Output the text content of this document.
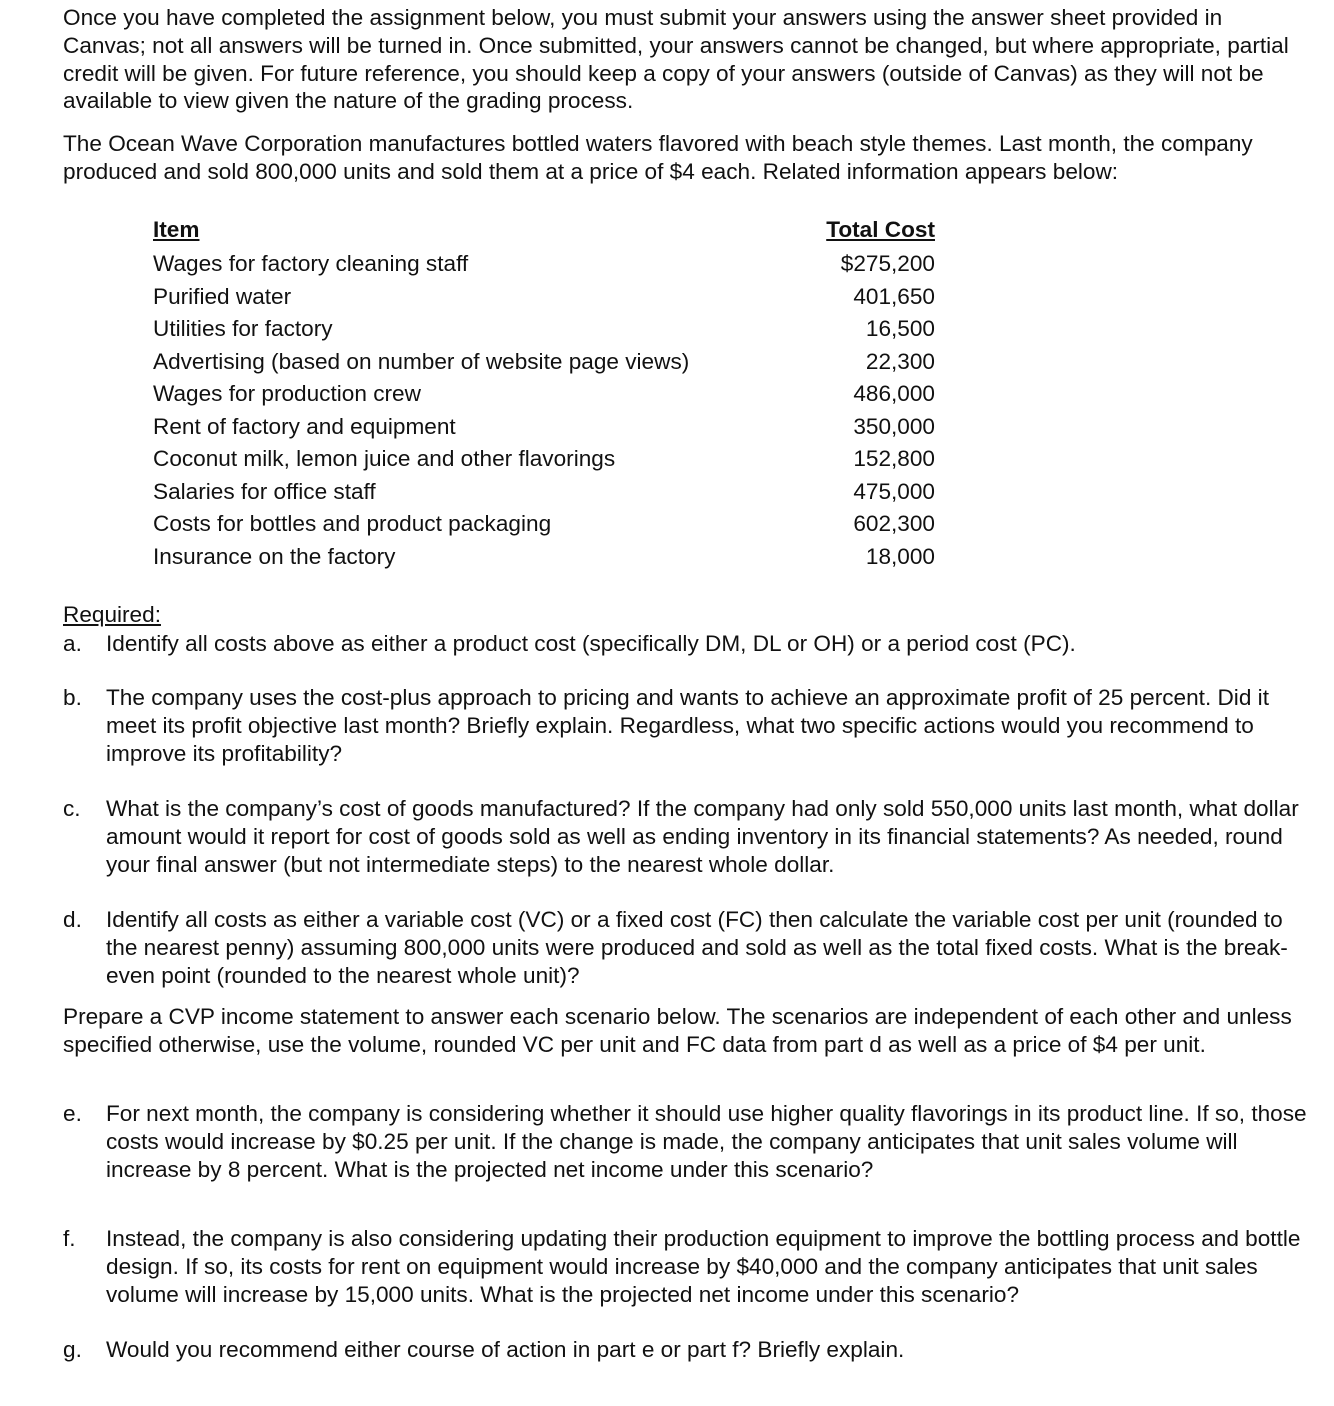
Once you have completed the assignment below, you must submit your answers using the answer sheet provided in Canvas; not all answers will be turned in. Once submitted, your answers cannot be changed, but where appropriate, partial credit will be given. For future reference, you should keep a copy of your answers (outside of Canvas) as they will not be available to view given the nature of the grading process.

The Ocean Wave Corporation manufactures bottled waters flavored with beach style themes. Last month, the company produced and sold 800,000 units and sold them at a price of $4 each. Related information appears below:

Item	Total Cost
Wages for factory cleaning staff	$275,200
Purified water	401,650
Utilities for factory	16,500
Advertising (based on number of website page views)	22,300
Wages for production crew	486,000
Rent of factory and equipment	350,000
Coconut milk, lemon juice and other flavorings	152,800
Salaries for office staff	475,000
Costs for bottles and product packaging	602,300
Insurance on the factory	18,000

Required:

a.	Identify all costs above as either a product cost (specifically DM, DL or OH) or a period cost (PC).
b.	The company uses the cost-plus approach to pricing and wants to achieve an approximate profit of 25 percent. Did it meet its profit objective last month? Briefly explain. Regardless, what two specific actions would you recommend to improve its profitability?
c.	What is the company’s cost of goods manufactured? If the company had only sold 550,000 units last month, what dollar amount would it report for cost of goods sold as well as ending inventory in its financial statements? As needed, round your final answer (but not intermediate steps) to the nearest whole dollar.
d.	Identify all costs as either a variable cost (VC) or a fixed cost (FC) then calculate the variable cost per unit (rounded to the nearest penny) assuming 800,000 units were produced and sold as well as the total fixed costs. What is the break-even point (rounded to the nearest whole unit)?

Prepare a CVP income statement to answer each scenario below. The scenarios are independent of each other and unless specified otherwise, use the volume, rounded VC per unit and FC data from part d as well as a price of $4 per unit.

e.	For next month, the company is considering whether it should use higher quality flavorings in its product line. If so, those costs would increase by $0.25 per unit. If the change is made, the company anticipates that unit sales volume will increase by 8 percent. What is the projected net income under this scenario?
f.	Instead, the company is also considering updating their production equipment to improve the bottling process and bottle design. If so, its costs for rent on equipment would increase by $40,000 and the company anticipates that unit sales volume will increase by 15,000 units. What is the projected net income under this scenario?
g.	Would you recommend either course of action in part e or part f? Briefly explain.
